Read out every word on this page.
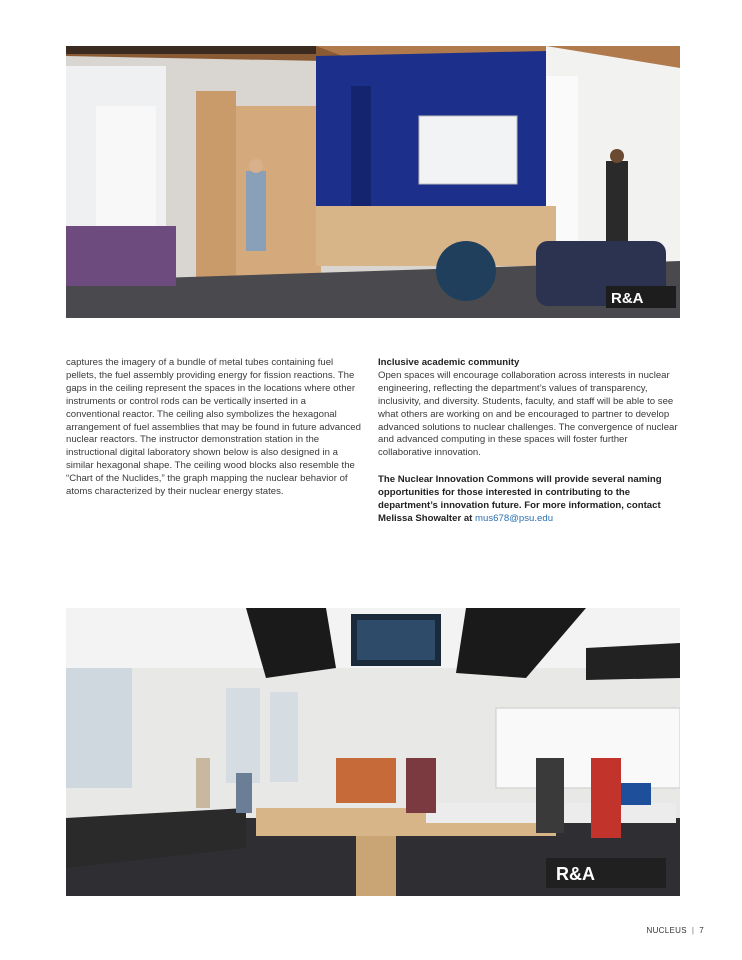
R&A
captures the imagery of a bundle of metal tubes containing fuel pellets, the fuel assembly providing energy for fission reactions. The gaps in the ceiling represent the spaces in the locations where other instruments or control rods can be vertically inserted in a conventional reactor. The ceiling also symbolizes the hexagonal arrangement of fuel assemblies that may be found in future advanced nuclear reactors. The instructor demonstration station in the instructional digital laboratory shown below is also designed in a similar hexagonal shape. The ceiling wood blocks also resemble the “Chart of the Nuclides,” the graph mapping the nuclear behavior of atoms characterized by their nuclear energy states.
Inclusive academic community
Open spaces will encourage collaboration across interests in nuclear engineering, reflecting the department’s values of transparency, inclusivity, and diversity. Students, faculty, and staff will be able to see what others are working on and be encouraged to partner to develop advanced solutions to nuclear challenges. The convergence of nuclear and advanced computing in these spaces will foster further collaborative innovation.
The Nuclear Innovation Commons will provide several naming opportunities for those interested in contributing to the department’s innovation future. For more information, contact Melissa Showalter at mus678@psu.edu
R&A
NUCLEUS | 7
